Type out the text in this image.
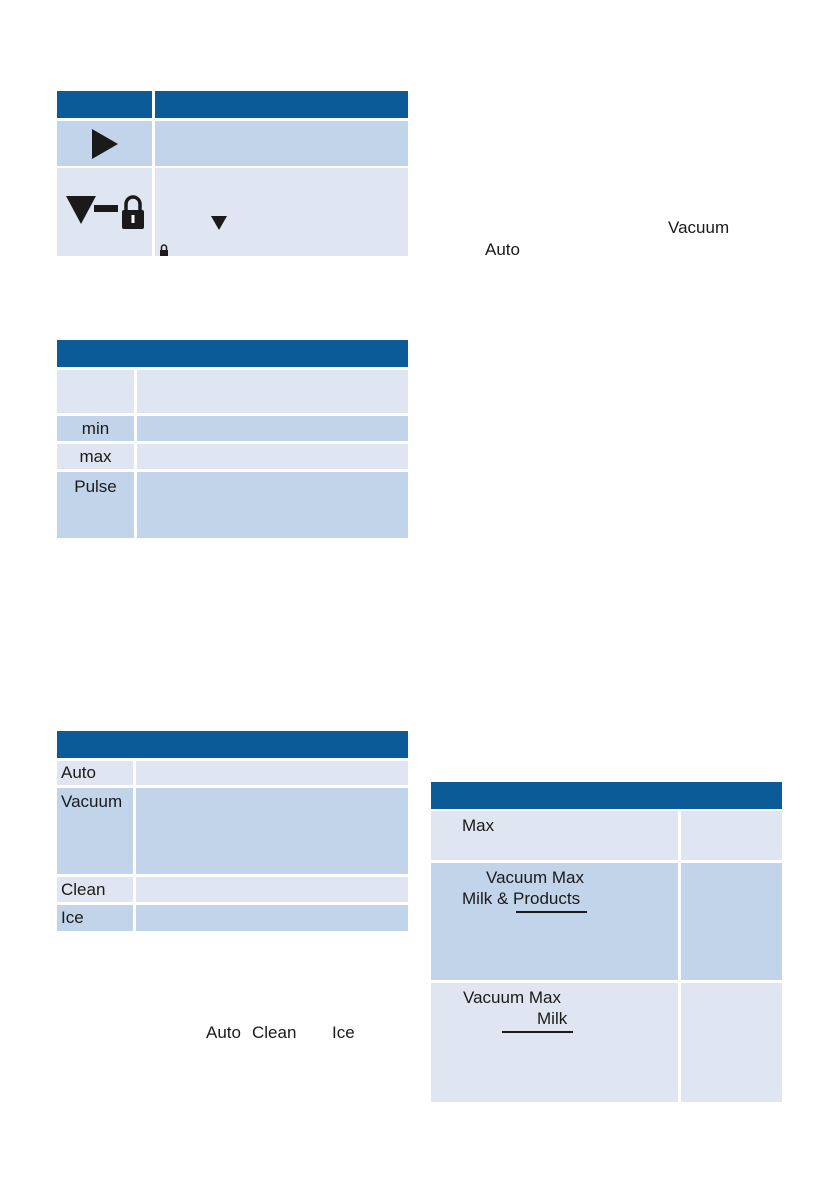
min
max
Pulse
Auto
Vacuum
Clean
Ice
Vacuum
Auto
Auto Clean Ice
Max
Vacuum Max
Milk & Products
Vacuum Max
Milk
